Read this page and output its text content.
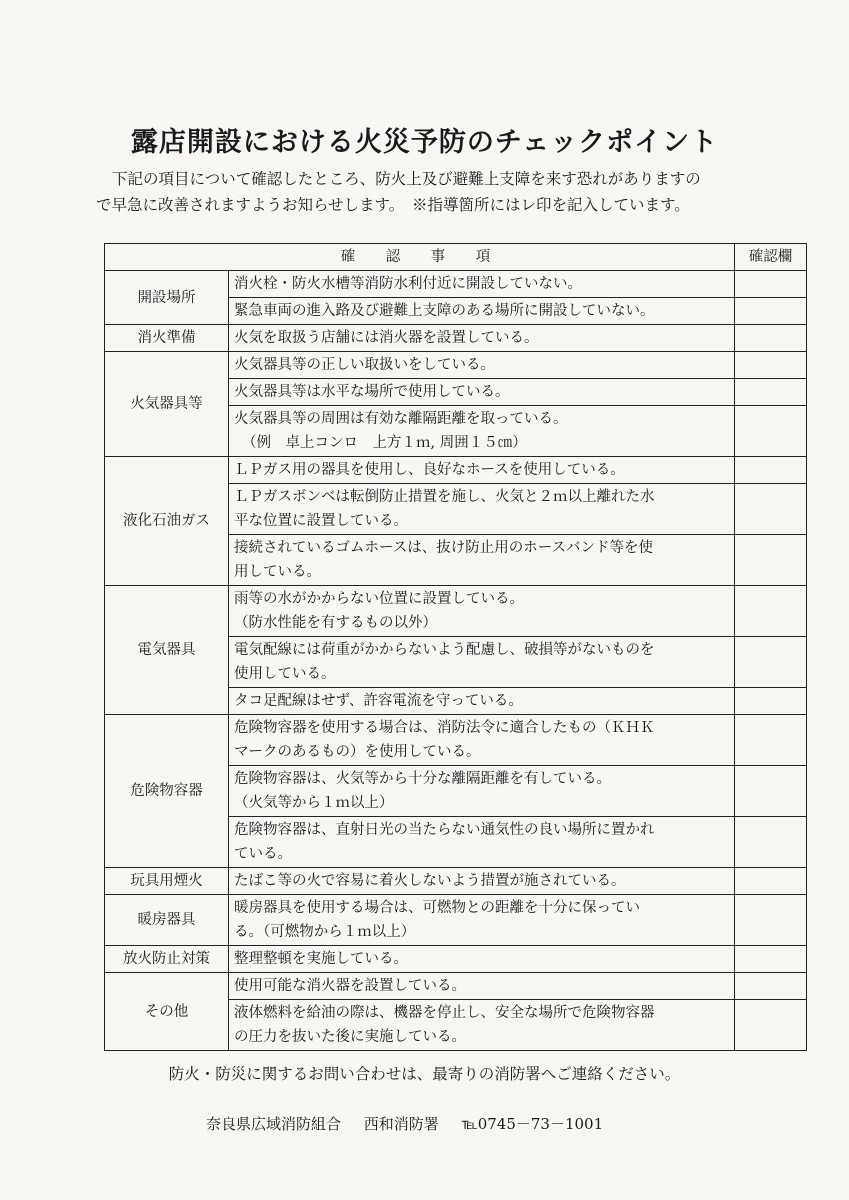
露店開設における火災予防のチェックポイント
下記の項目について確認したところ、防火上及び避難上支障を来す恐れがありますの
で早急に改善されますようお知らせします。　※指導箇所にはレ印を記入しています。
確　認　事　項		確認欄
開設場所	消火栓・防火水槽等消防水利付近に開設していない。	
	緊急車両の進入路及び避難上支障のある場所に開設していない。	
消火準備	火気を取扱う店舗には消火器を設置している。	
火気器具等	火気器具等の正しい取扱いをしている。	
	火気器具等は水平な場所で使用している。	

	火気器具等の周囲は有効な離隔距離を取っている。
（例　卓上コンロ　上方１ｍ, 周囲１５㎝）	

液化石油ガス	ＬＰガス用の器具を使用し、良好なホースを使用している。	

	ＬＰガスボンベは転倒防止措置を施し、火気と２ｍ以上離れた水
平な位置に設置している。	

	接続されているゴムホースは、抜け防止用のホースバンド等を使
用している。	

電気器具	雨等の水がかからない位置に設置している。
（防水性能を有するもの以外）	

	電気配線には荷重がかからないよう配慮し、破損等がないものを
使用している。	

	タコ足配線はせず、許容電流を守っている。	
危険物容器	危険物容器を使用する場合は、消防法令に適合したもの（ＫＨＫ
マークのあるもの）を使用している。	

	危険物容器は、火気等から十分な離隔距離を有している。
（火気等から１ｍ以上）	

	危険物容器は、直射日光の当たらない通気性の良い場所に置かれ
ている。	

玩具用煙火	たばこ等の火で容易に着火しないよう措置が施されている。	
暖房器具	暖房器具を使用する場合は、可燃物との距離を十分に保ってい
る。（可燃物から１ｍ以上）	

放火防止対策	整理整頓を実施している。	
その他	使用可能な消火器を設置している。	

	液体燃料を給油の際は、機器を停止し、安全な場所で危険物容器
の圧力を抜いた後に実施している。	

防火・防災に関するお問い合わせは、最寄りの消防署へご連絡ください。
奈良県広域消防組合 西和消防署 ℡0745－73－1001
